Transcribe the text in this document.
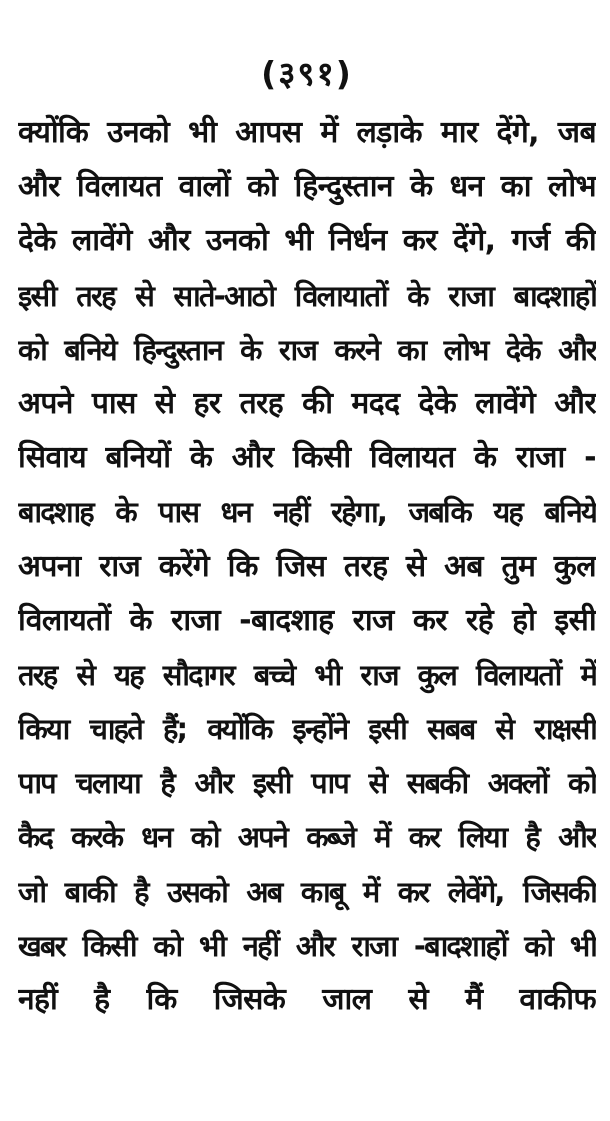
(३९१)
क्योंकि उनको भी आपस में लड़ाके मार देंगे, जब
और विलायत वालों को हिन्दुस्तान के धन का लोभ
देके लावेंगे और उनको भी निर्धन कर देंगे, गर्ज की
इसी तरह से साते-आठो विलायातों के राजा बादशाहों
को बनिये हिन्दुस्तान के राज करने का लोभ देके और
अपने पास से हर तरह की मदद देके लावेंगे और
सिवाय बनियों के और किसी विलायत के राजा -
बादशाह के पास धन नहीं रहेगा, जबकि यह बनिये
अपना राज करेंगे कि जिस तरह से अब तुम कुल
विलायतों के राजा -बादशाह राज कर रहे हो इसी
तरह से यह सौदागर बच्चे भी राज कुल विलायतों में
किया चाहते हैं; क्योंकि इन्होंने इसी सबब से राक्षसी
पाप चलाया है और इसी पाप से सबकी अक्लों को
कैद करके धन को अपने कब्जे में कर लिया है और
जो बाकी है उसको अब काबू में कर लेवेंगे, जिसकी
खबर किसी को भी नहीं और राजा -बादशाहों को भी
नहीं है कि जिसके जाल से मैं वाकीफ
